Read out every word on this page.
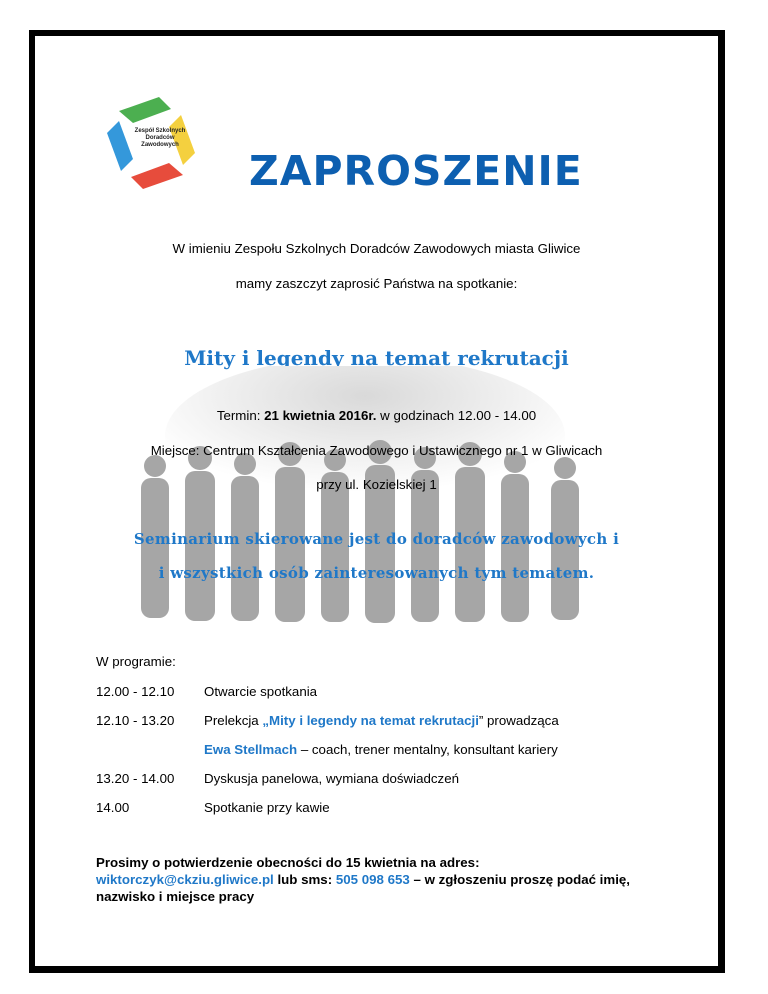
Zespół Szkolnych
Doradców
Zawodowych
ZAPROSZENIE
W imieniu Zespołu Szkolnych Doradców Zawodowych miasta Gliwice
mamy zaszczyt zaprosić Państwa na spotkanie:
Mity i legendy na temat rekrutacji
Termin: 21 kwietnia 2016r. w godzinach 12.00 - 14.00
Miejsce: Centrum Kształcenia Zawodowego i Ustawicznego nr 1 w Gliwicach
przy ul. Kozielskiej 1
Seminarium skierowane jest do doradców zawodowych i
i wszystkich osób zainteresowanych tym tematem.
W programie:
12.00 - 12.10 Otwarcie spotkania
12.10 - 13.20 Prelekcja „Mity i legendy na temat rekrutacji” prowadząca
Ewa Stellmach – coach, trener mentalny, konsultant kariery
13.20 - 14.00 Dyskusja panelowa, wymiana doświadczeń
14.00	Spotkanie przy kawie
Prosimy o potwierdzenie obecności do 15 kwietnia na adres:
wiktorczyk@ckziu.gliwice.pl lub sms: 505 098 653 – w zgłoszeniu proszę podać imię, nazwisko i miejsce pracy
